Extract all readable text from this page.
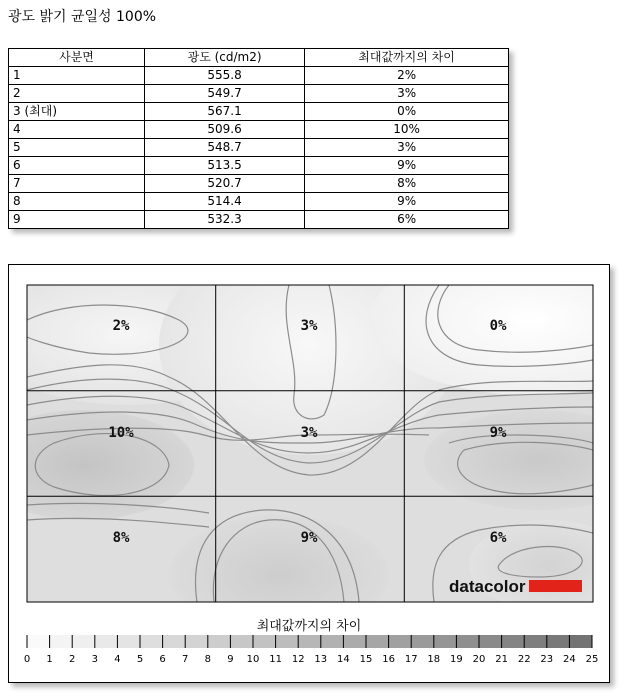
광도 밝기 균일성 100%
사분면	광도 (cd/m2)	최대값까지의 차이
1	555.8	2%
2	549.7	3%
3 (최대)	567.1	0%
4	509.6	10%
5	548.7	3%
6	513.5	9%
7	520.7	8%
8	514.4	9%
9	532.3	6%
2%	3%	0%
10%	3%	9%
8%	9%	6%
datacolor
0 1 2 3 4 5 6 7 8 9 10 11 12 13 14 15 16 17 18 19 20 21 22 23 24 25
최대값까지의 차이
